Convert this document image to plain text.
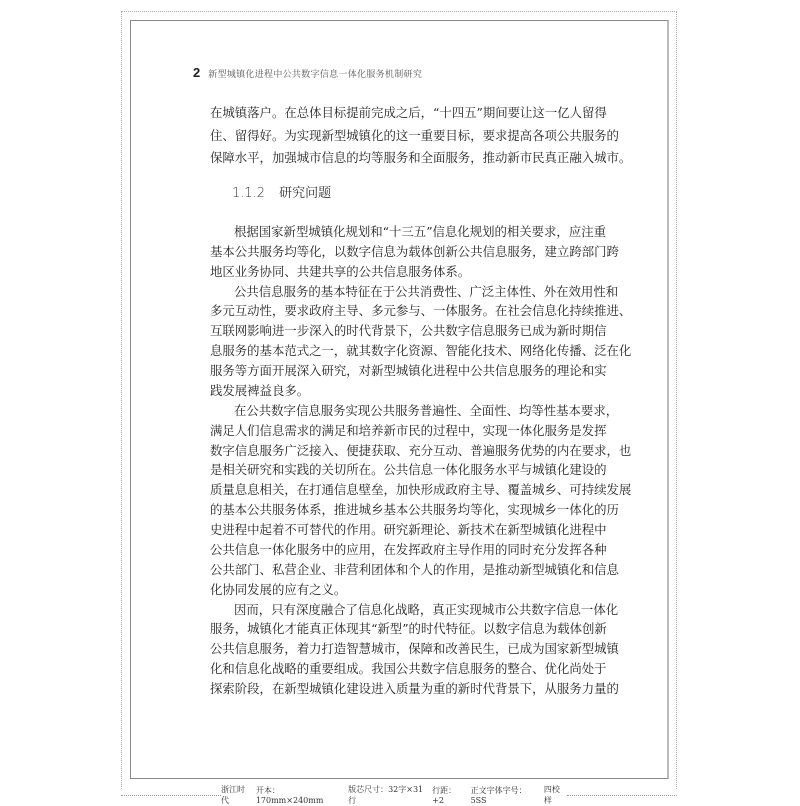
2 新型城镇化进程中公共数字信息一体化服务机制研究
在城镇落户。在总体目标提前完成之后，“十四五”期间要让这一亿人留得
住、留得好。为实现新型城镇化的这一重要目标，要求提高各项公共服务的
保障水平，加强城市信息的均等服务和全面服务，推动新市民真正融入城市。
1.1.2 研究问题
根据国家新型城镇化规划和“十三五”信息化规划的相关要求，应注重
基本公共服务均等化，以数字信息为载体创新公共信息服务，建立跨部门跨
地区业务协同、共建共享的公共信息服务体系。
公共信息服务的基本特征在于公共消费性、广泛主体性、外在效用性和
多元互动性，要求政府主导、多元参与、一体服务。在社会信息化持续推进、
互联网影响进一步深入的时代背景下，公共数字信息服务已成为新时期信
息服务的基本范式之一，就其数字化资源、智能化技术、网络化传播、泛在化
服务等方面开展深入研究，对新型城镇化进程中公共信息服务的理论和实
践发展裨益良多。
在公共数字信息服务实现公共服务普遍性、全面性、均等性基本要求，
满足人们信息需求的满足和培养新市民的过程中，实现一体化服务是发挥
数字信息服务广泛接入、便捷获取、充分互动、普遍服务优势的内在要求，也
是相关研究和实践的关切所在。公共信息一体化服务水平与城镇化建设的
质量息息相关，在打通信息壁垒，加快形成政府主导、覆盖城乡、可持续发展
的基本公共服务体系，推进城乡基本公共服务均等化，实现城乡一体化的历
史进程中起着不可替代的作用。研究新理论、新技术在新型城镇化进程中
公共信息一体化服务中的应用，在发挥政府主导作用的同时充分发挥各种
公共部门、私营企业、非营利团体和个人的作用，是推动新型城镇化和信息
化协同发展的应有之义。
因而，只有深度融合了信息化战略，真正实现城市公共数字信息一体化
服务，城镇化才能真正体现其“新型”的时代特征。以数字信息为载体创新
公共信息服务，着力打造智慧城市，保障和改善民生，已成为国家新型城镇
化和信息化战略的重要组成。我国公共数字信息服务的整合、优化尚处于
探索阶段，在新型城镇化建设进入质量为重的新时代背景下，从服务力量的
浙江时代
开本：170mm×240mm
版芯尺寸：32字×31行
行距：+2
正文字体字号：5SS
四校样
